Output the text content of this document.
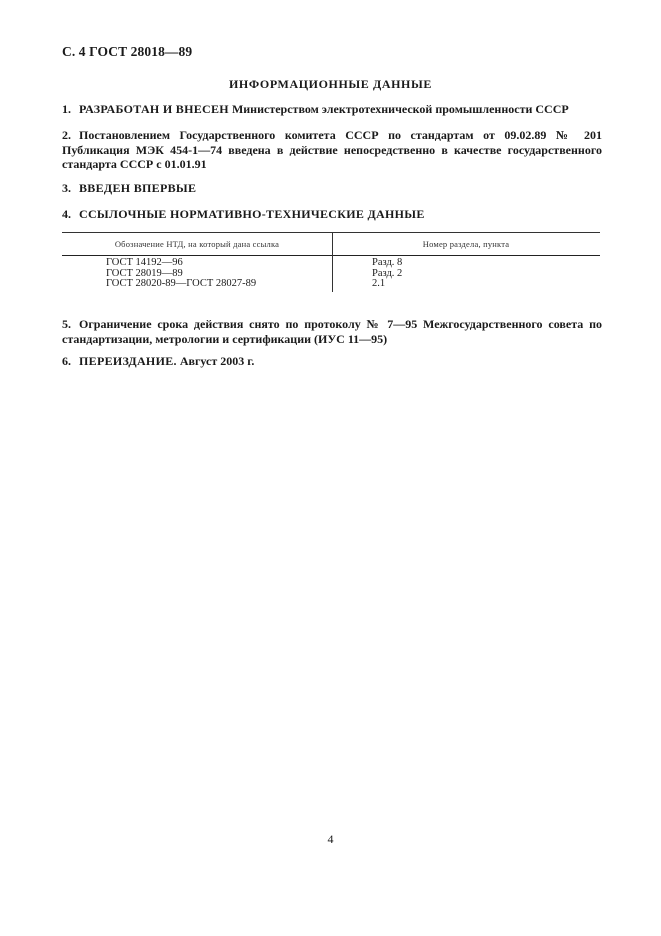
С. 4 ГОСТ 28018—89
ИНФОРМАЦИОННЫЕ ДАННЫЕ
1. РАЗРАБОТАН И ВНЕСЕН Министерством электротехнической промышленности СССР
2. Постановлением Государственного комитета СССР по стандартам от 09.02.89 № 201 Публикация МЭК 454-1—74 введена в действие непосредственно в качестве государственного стандарта СССР с 01.01.91
3. ВВЕДЕН ВПЕРВЫЕ
4. ССЫЛОЧНЫЕ НОРМАТИВНО-ТЕХНИЧЕСКИЕ ДАННЫЕ
Обозначение НТД, на который дана ссылка	Номер раздела, пункта
ГОСТ 14192—96	Разд. 8
ГОСТ 28019—89	Разд. 2
ГОСТ 28020-89—ГОСТ 28027-89	2.1
5. Ограничение срока действия снято по протоколу № 7—95 Межгосударственного совета по стандартизации, метрологии и сертификации (ИУС 11—95)
6. ПЕРЕИЗДАНИЕ. Август 2003 г.
4
